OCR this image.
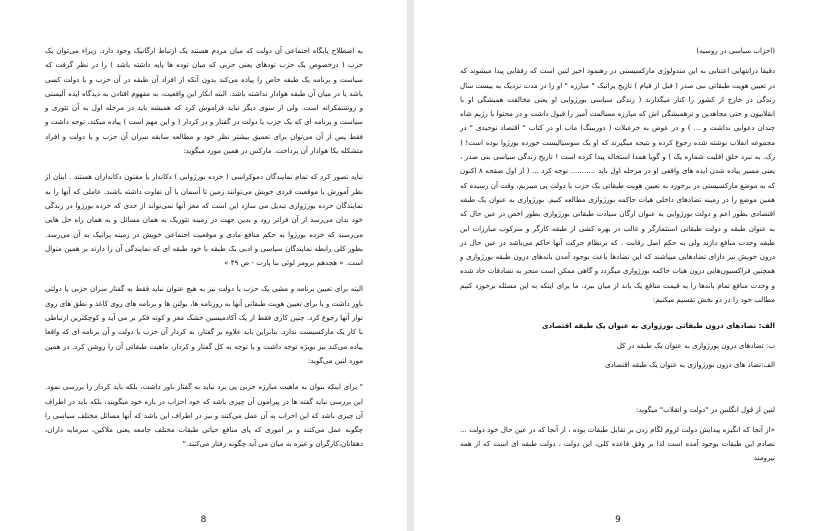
به اصطلاح پایگاه اجتماعی آن دولت که میان مردم هستند یک ارتباط ارگانیک وجود دارد. زیراء می‌توان یک حزب ( درخصوص یک حزب تودهای یعنی حزبی که میان توده ها پایه داشته باشد ) را در نظر گرفت که سیاست و برنامه یک طبقه خاص را پیاده می‌کند بدون آنکه از افراد آن طبقه در آن حزب و یا دولت کسی باشد یا در میان آن طبقه هوادار نداشته باشد. البته انکار این واقعیت، به مفهوم افتادن به دیدگاه ایده آلیستی و روشنفکرانه است. ولی از سوی دیگر نباید فراموش کرد که همیشه باید در مرحله اول به آن تئوری و سیاست و برنامه ای که یک حزب یا دولت در گفتار و در کردار ( و این مهم است ) پیاده میکند، توجه داشت و فقط پس از آن می‌توان برای تعمیق بیشتر نظر خود و مطالعه سابقه سران آن حزب و یا دولت و افراد متشکله یکا هوادار آن پرداخت. مارکس در همین مورد میگوید:

نباید تصور کرد که تمام نمایندگان دموکراسی ( خرده بورژوایی ) دکاندار یا مفتون دکانداران هستند . اینان از نظر آموزش یا موقعیت فردی خویش می‌توانند زمین تا آسمان با آن تفاوت داشته باشند. عاملی که آنها را به نمایندگان خرده بورژوازی تبدیل می سازد این است که مغز آنها نمی‌تواند از حدی که خرده بورژوا در زندگی خود بدان می‌رسد از آن فراتر رود و بدین جهت در زمینه تئوریک به همان مسائل و به همان راه حل هایی می‌رسند که خرده بورژوا به حکم منافع مادی و موقعیت اجتماعی خویش در زمینه پراتیک به آن می‌رسد. بطور کلی رابطه نمایندگان سیاسی و ادبی یک طبقه با خود طبقه ای که نمایندگی آن را دارند بر همین منوال است. « هجدهم برومر لوئی بنا پارت - ص ۴۹ »

البته برای تعیین برنامه و مشی یک حزب یا دولت نیز به هیچ عنوان نباید فقط به گفتار سران حزبی یا دولتی باور داشت و یا برای تعیین هویت طبقاتی آنها به روزنامه ها، بولتن ها و برنامه های روی کاغذ و نطق های روی نوار آنها رجوع کرد. چنین کاری فقط از یک آکادمیسین خشک مغز و کوته فکر بر می آید و کوچکترین ارتباطی با کار یک مارکسیست ندارد. بنابراین باید علاوه بر گفتار، به کردار آن حزب یا دولت و آن برنامه ای که واقعا پیاده می‌کند نیز بویژه توجه داشت و با توجه به کل گفتار و کردار، ماهیت طبقاتی آن را روشن کرد. در همین مورد لنین می‌گوید:

" برای اینکه بتوان به ماهیت مبارزه حزبی پی برد نباید به گفتار باور داشت، بلکه باید کردار را بررسی نمود. این بررسی نباید گفته ها در پیرامون آن چیزی باشد که خود احزاب در باره خود میگویند، بلکه باید در اطراف آن چیزی باشد که این احزاب به آن عمل می‌کنند و نیز در اطراف این باشد که آنها مسائل مختلف سیاسی را چگونه عمل می‌کنند و بر اموری که پای منافع حیاتی طبقات مختلف جامعه یعنی ملاکین، سرمایه داران، دهقانان،کارگران و غیره به میان می آید چگونه رفتار می‌کنند."

8

(احزاب سیاسی در روسیه)

دقیقا درانتهایی اعتنایی به این متدولوژی مارکسیستی در رهنمود اخیر لنین است که رفقایی پیدا میشوند که در تعیین هویت طبقاتی نبی صدر ( قبل از قیام ) تاریخ پراتیک " مبارزه " او را در مدت نزدیک به بیست سال زندگی در خارج از کشور را کنار میگذارند ( زندگی سیاسی بورژوایی او یعنی مخالفت همیشگی او با انقلابیون و حتی مجاهدین و ترهمبشگی اش که مبارزه مسالمت آمیز را قبول داشت و در محتوا با رژیم شاه چندان دعوایی نداشت و ... ) و در عوض به خزعبلات ( دوربینگ) ماب او در کتاب " اقتصاد توحیدی " در مجموعه انقلاب نوشته شده رجوع کرده و نتیجه میگیرند که او یک سوسیالیست خورده بورژوا بوده است! ( رک. به نبرد خلق اقلیت شماره یک ) و گویا همدا استخاله پیدا کرده است ! تاریخ زندگی سیاسی بنی صدر ، یعنی مسیر پیاده شدن ایده های واقعی او در مرحله اول باید ........... توجه کرد ... ( از اول صفحه ۸ اکنون که به موضع مارکسیستی در برخورد به تعیین هویت طبقاتی یک حزب یا دولت پی میبریم، وقت آن رسیده که همین موضع را در زمینه تضادهای داخلی هیات حاکمه بورژوازی مطالعه کنیم. بورژوازی به عنوان یک طبقه اقتصادی بطور اعم و دولت بورژوایی به عنوان ارگان سیادت طبقاتی بورژوازی بطور اخص در عین حال که به عنوان طبقه و دولت طبقاتی استثمارگر و غالب در بهره کشی از طبقه کارگر و سرکوب مبارزات این طبقه وحدت منافع دارند ولی به حکم اصل رقابت . که برنظام حرکت آنها حاکم می‌باشد در عین حال در درون خویش نیز دارای تضادهایی میباشند که این تضادها باعث بوجود آمدن باندهای درون طبقه بورژوازی و همچنین فراکسیون‌هایی درون هیات حاکمه بورژوازی میگردد و گاهی ممکن است منجر به تصادفات حاد شده و وحدت منافع تمام باندها را به قیمت منافع یک باند از میان ببرد. ما برای اینکه به این مسئله برخورد کنیم مطالب خود را در دو بخش تقسیم میکنیم:

الف: تضادهای درون طبقاتی بورژوازی به عنوان یک طبقه اقتصادی

ب: تضادهای درون بورژوازی به عنوان یک طبقه در کل

الف:تضاد های درون بورژوازی به عنوان یک طبقه اقتصادی

لنین از قول انگلس در "دولت و انقلاب" میگوید:

«از آنجا که انگیزه پیدایش دولت لزوم لگام زدن بر تقابل طبقات بوده ، از آنجا که در عین حال خود دولت ... تصادم این طبقات بوجود آمده است لذا بر وفق قاعده کلی، این دولت ، دولت طبقه ای است که از همه نیرومند

9
